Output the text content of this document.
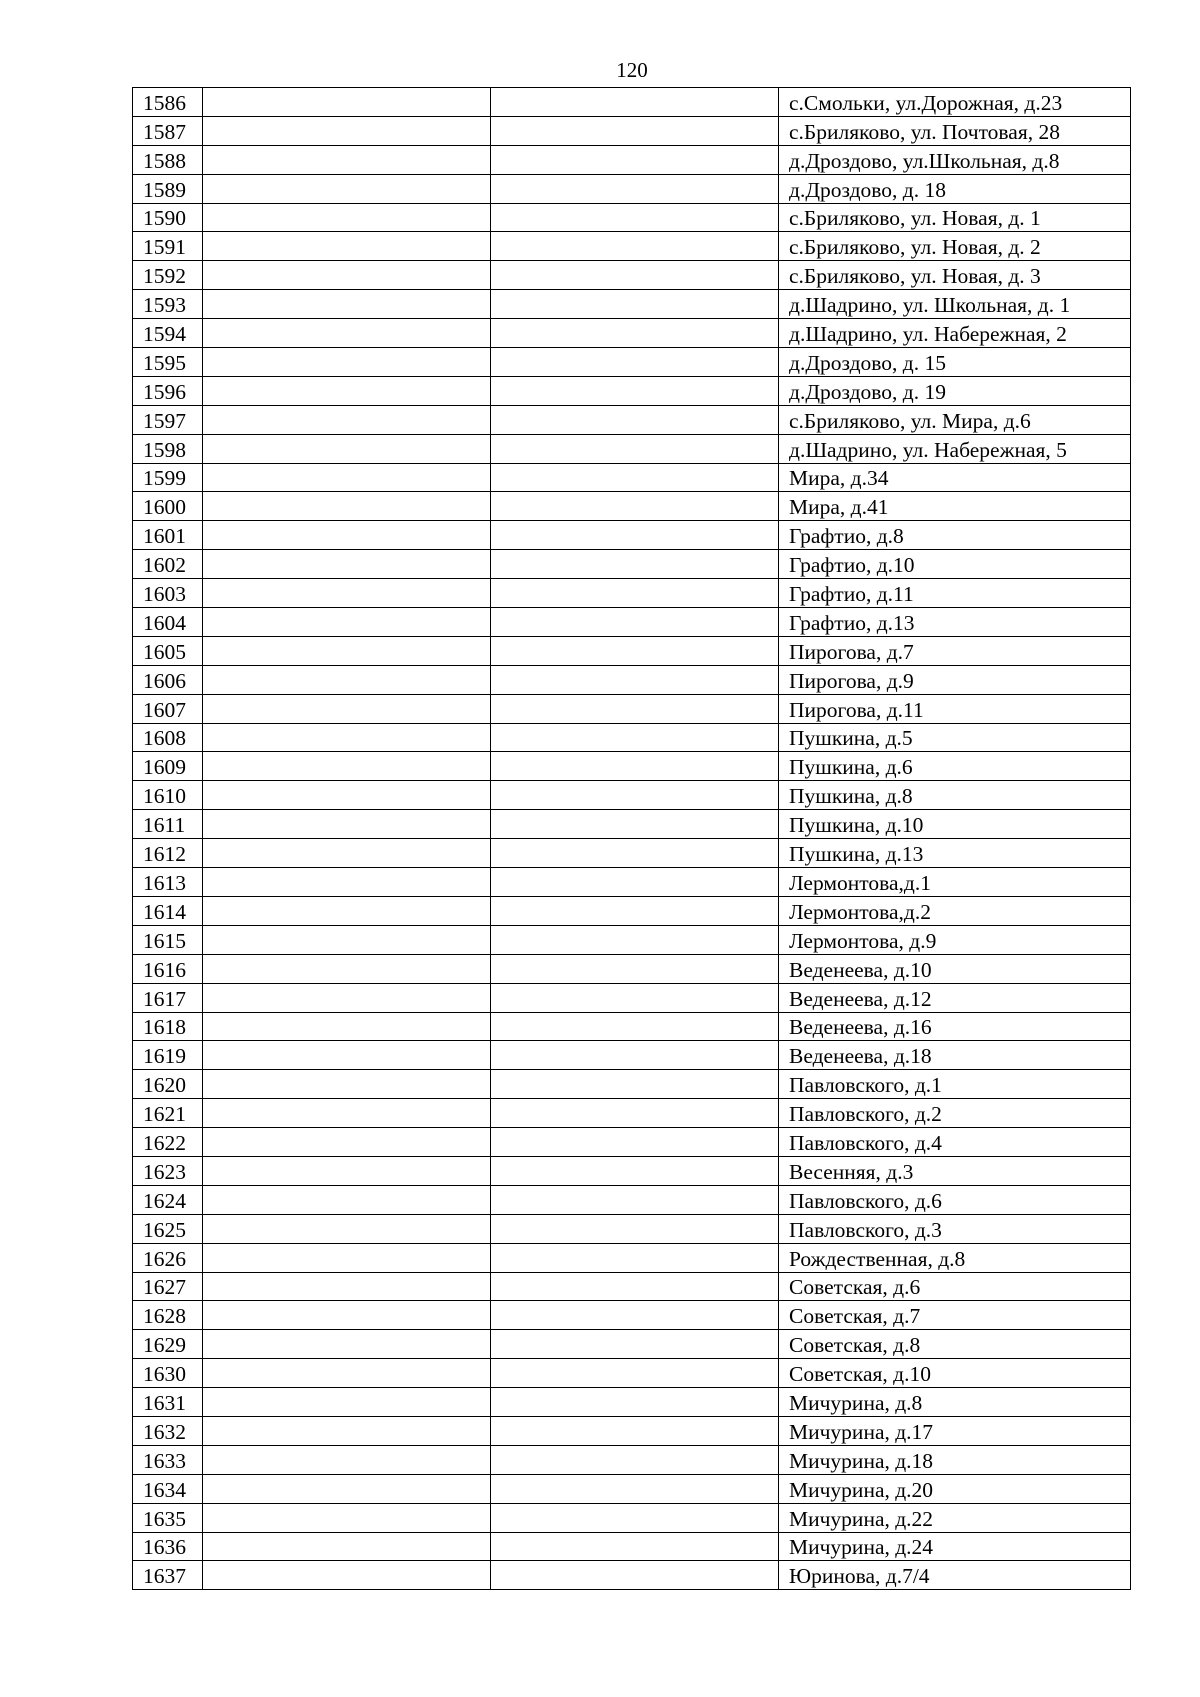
120
1586			с.Смольки, ул.Дорожная, д.23
1587			с.Бриляково, ул. Почтовая, 28
1588			д.Дроздово, ул.Школьная, д.8
1589			д.Дроздово, д. 18
1590			с.Бриляково, ул. Новая, д. 1
1591			с.Бриляково, ул. Новая, д. 2
1592			с.Бриляково, ул. Новая, д. 3
1593			д.Шадрино, ул. Школьная, д. 1
1594			д.Шадрино, ул. Набережная, 2
1595			д.Дроздово, д. 15
1596			д.Дроздово, д. 19
1597			с.Бриляково, ул. Мира, д.6
1598			д.Шадрино, ул. Набережная, 5
1599			Мира, д.34
1600			Мира, д.41
1601			Графтио, д.8
1602			Графтио, д.10
1603			Графтио, д.11
1604			Графтио, д.13
1605			Пирогова, д.7
1606			Пирогова, д.9
1607			Пирогова, д.11
1608			Пушкина, д.5
1609			Пушкина, д.6
1610			Пушкина, д.8
1611			Пушкина, д.10
1612			Пушкина, д.13
1613			Лермонтова,д.1
1614			Лермонтова,д.2
1615			Лермонтова, д.9
1616			Веденеева, д.10
1617			Веденеева, д.12
1618			Веденеева, д.16
1619			Веденеева, д.18
1620			Павловского, д.1
1621			Павловского, д.2
1622			Павловского, д.4
1623			Весенняя, д.3
1624			Павловского, д.6
1625			Павловского, д.3
1626			Рождественная, д.8
1627			Советская, д.6
1628			Советская, д.7
1629			Советская, д.8
1630			Советская, д.10
1631			Мичурина, д.8
1632			Мичурина, д.17
1633			Мичурина, д.18
1634			Мичурина, д.20
1635			Мичурина, д.22
1636			Мичурина, д.24
1637			Юринова, д.7/4
